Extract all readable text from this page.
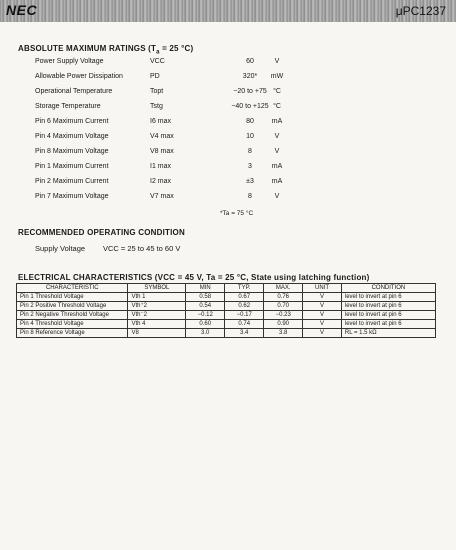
NEC	μPC1237
ABSOLUTE MAXIMUM RATINGS ($T_a = 25$ °C)
Power Supply Voltage	VCC	60	V
Allowable Power Dissipation	PD	320*	mW
Operational Temperature	Topt	−20 to +75 °C
Storage Temperature	Tstg	−40 to +125 °C
Pin 6 Maximum Current	I6 max	80	mA
Pin 4 Maximum Voltage	V4 max	10	V
Pin 8 Maximum Voltage	V8 max	8	V
Pin 1 Maximum Current	I1 max	3	mA
Pin 2 Maximum Current	I2 max	±3	mA
Pin 7 Maximum Voltage	V7 max	8	V
*Ta = 75 °C
RECOMMENDED OPERATING CONDITION
Supply Voltage VCC = 25 to 45 to 60 V
ELECTRICAL CHARACTERISTICS (VCC = 45 V, Ta = 25 °C, State using latching function)
CHARACTERISTIC	SYMBOL	MIN	TYP.	MAX.	UNIT	CONDITION
Pin 1 Threshold Voltage	Vth 1	0.58	0.67	0.76	V	level to invert at pin 6
Pin 2 Positive Threshold Voltage	Vth⁺2	0.54	0.62	0.70	V	level to invert at pin 6
Pin 2 Negative Threshold Voltage	Vth⁻2	−0.12	−0.17	−0.23	V	level to invert at pin 6
Pin 4 Threshold Voltage	Vth 4	0.60	0.74	0.90	V	level to invert at pin 6
Pin 8 Reference Voltage	V8	3.0	3.4	3.8	V	RL = 1.5 kΩ
